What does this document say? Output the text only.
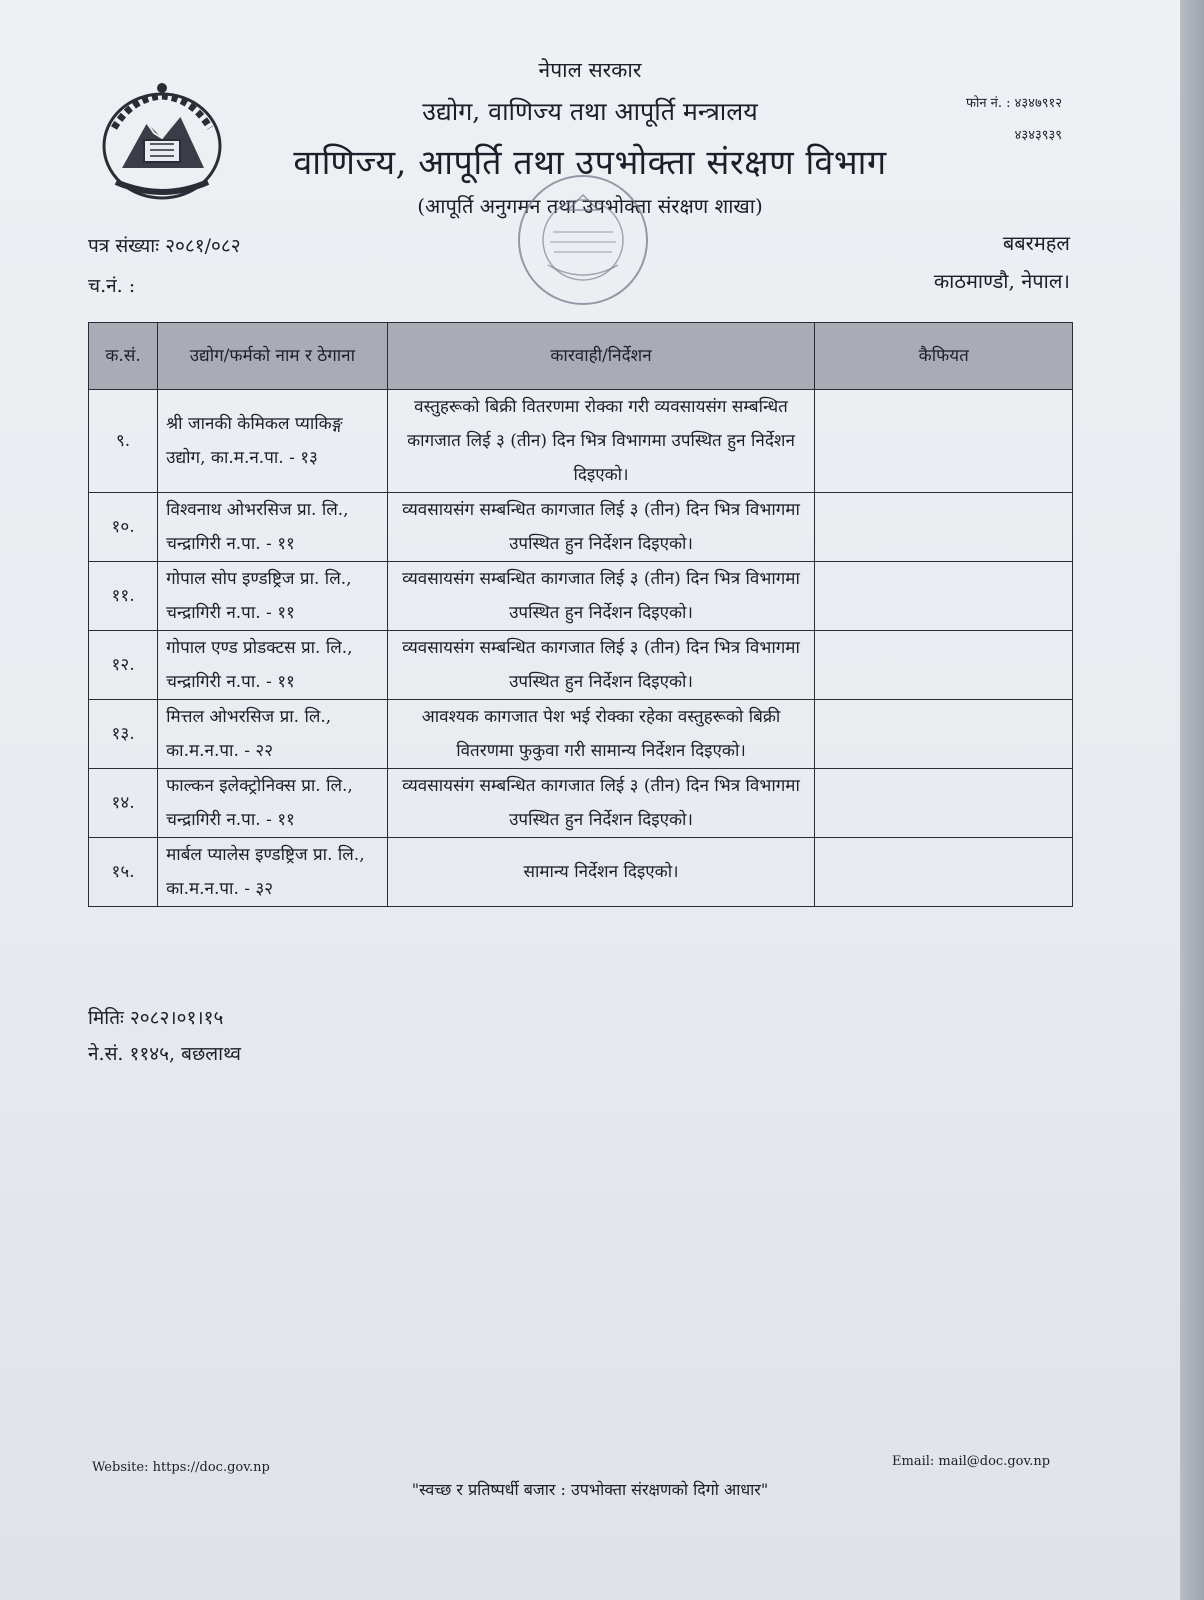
नेपाल सरकार
उद्योग, वाणिज्य तथा आपूर्ति मन्त्रालय
वाणिज्य, आपूर्ति तथा उपभोक्ता संरक्षण विभाग
(आपूर्ति अनुगमन तथा उपभोक्ता संरक्षण शाखा)
फोन नं. : ४३४७९१२
४३४३९३९
पत्र संख्याः २०८१/०८२
च.नं. :
बबरमहल
काठमाण्डौ, नेपाल।
क.सं.	उद्योग/फर्मको नाम र ठेगाना	कारवाही/निर्देशन	कैफियत
९.	श्री जानकी केमिकल प्याकिङ्ग उद्योग, का.म.न.पा. - १३	वस्तुहरूको बिक्री वितरणमा रोक्का गरी व्यवसायसंग सम्बन्धित कागजात लिई ३ (तीन) दिन भित्र विभागमा उपस्थित हुन निर्देशन दिइएको।	
१०.	विश्वनाथ ओभरसिज प्रा. लि., चन्द्रागिरी न.पा. - ११	व्यवसायसंग सम्बन्धित कागजात लिई ३ (तीन) दिन भित्र विभागमा उपस्थित हुन निर्देशन दिइएको।	
११.	गोपाल सोप इण्डष्ट्रिज प्रा. लि., चन्द्रागिरी न.पा. - ११	व्यवसायसंग सम्बन्धित कागजात लिई ३ (तीन) दिन भित्र विभागमा उपस्थित हुन निर्देशन दिइएको।	
१२.	गोपाल एण्ड प्रोडक्टस प्रा. लि., चन्द्रागिरी न.पा. - ११	व्यवसायसंग सम्बन्धित कागजात लिई ३ (तीन) दिन भित्र विभागमा उपस्थित हुन निर्देशन दिइएको।	
१३.	मित्तल ओभरसिज प्रा. लि., का.म.न.पा. - २२	आवश्यक कागजात पेश भई रोक्का रहेका वस्तुहरूको बिक्री वितरणमा फुकुवा गरी सामान्य निर्देशन दिइएको।	
१४.	फाल्कन इलेक्ट्रोनिक्स प्रा. लि., चन्द्रागिरी न.पा. - ११	व्यवसायसंग सम्बन्धित कागजात लिई ३ (तीन) दिन भित्र विभागमा उपस्थित हुन निर्देशन दिइएको।	
१५.	मार्बल प्यालेस इण्डष्ट्रिज प्रा. लि., का.म.न.पा. - ३२	सामान्य निर्देशन दिइएको।	
मितिः २०८२।०१।१५
ने.सं. ११४५, बछलाथ्व
Website: https://doc.gov.np	Email: mail@doc.gov.np
"स्वच्छ र प्रतिष्पर्धी बजार : उपभोक्ता संरक्षणको दिगो आधार"
